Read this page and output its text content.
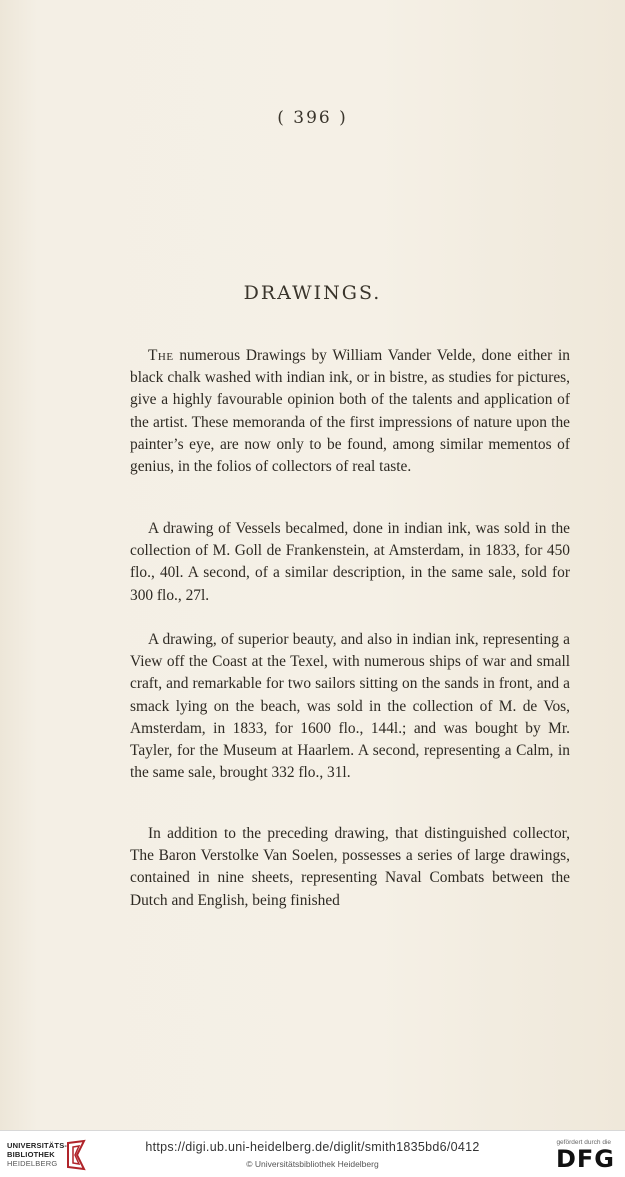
( 396 )
DRAWINGS.
The numerous Drawings by William Vander Velde, done either in black chalk washed with indian ink, or in bistre, as studies for pictures, give a highly favourable opinion both of the talents and application of the artist. These memoranda of the first impressions of nature upon the painter’s eye, are now only to be found, among similar mementos of genius, in the folios of collectors of real taste.
A drawing of Vessels becalmed, done in indian ink, was sold in the collection of M. Goll de Frankenstein, at Amsterdam, in 1833, for 450 flo., 40l. A second, of a similar description, in the same sale, sold for 300 flo., 27l.
A drawing, of superior beauty, and also in indian ink, representing a View off the Coast at the Texel, with numerous ships of war and small craft, and remarkable for two sailors sitting on the sands in front, and a smack lying on the beach, was sold in the collection of M. de Vos, Amsterdam, in 1833, for 1600 flo., 144l.; and was bought by Mr. Tayler, for the Museum at Haarlem. A second, representing a Calm, in the same sale, brought 332 flo., 31l.
In addition to the preceding drawing, that distinguished collector, The Baron Verstolke Van Soelen, possesses a series of large drawings, contained in nine sheets, representing Naval Combats between the Dutch and English, being finished
UNIVERSITÄTS-
BIBLIOTHEK
HEIDELBERG
https://digi.ub.uni-heidelberg.de/diglit/smith1835bd6/0412
© Universitätsbibliothek Heidelberg
gefördert durch die
DFG
